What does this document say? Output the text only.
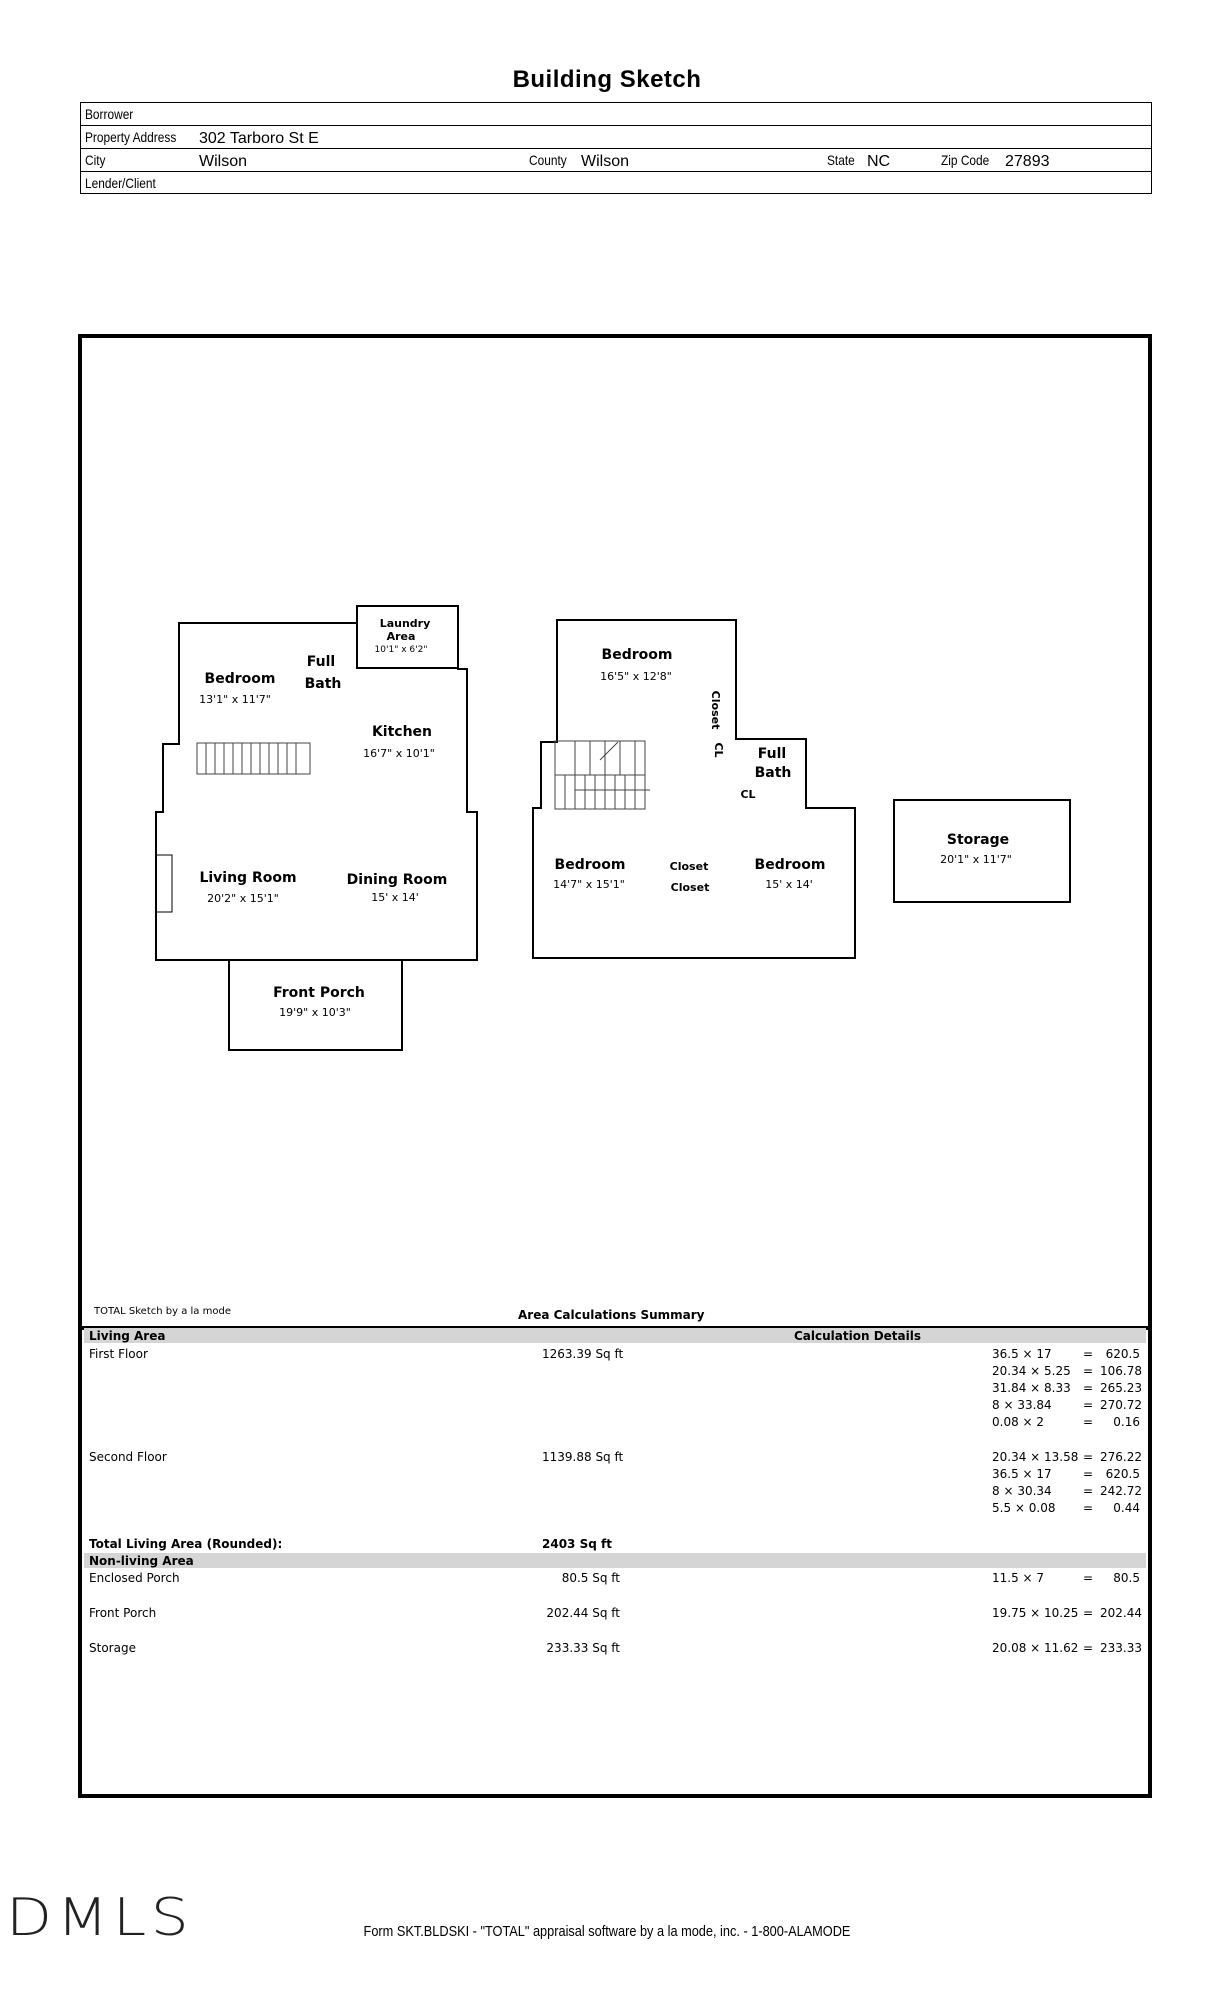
Building Sketch
Borrower
Property Address 302 Tarboro St E
City	Wilson	County Wilson	State NC	Zip Code 27893
Lender/Client
Laundry
Area
10'1" x 6'2"
Bedroom
Full
Bath
Kitchen
Living Room	Dining Room
Front Porch
Bedroom
Full
Bath
Bedroom	Bedroom
Storage
13'1" x 11'7"
16'7" x 10'1"
20'2" x 15'1"	15' x 14'
19'9" x 10'3"
16'5" x 12'8"
14'7" x 15'1"	15' x 14'
20'1" x 11'7"
CL
Closet
Closet
Closet
CL
TOTAL Sketch by a la mode	Area Calculations Summary
Living Area	Calculation Details
First Floor	1263.39 Sq ft	36.5 × 17	=	620.5
20.34 × 5.25 = 106.78
31.84 × 8.33 = 265.23
8 × 33.84	= 270.72
0.08 × 2	=	0.16
Second Floor	1139.88 Sq ft	20.34 × 13.58 = 276.22
36.5 × 17	=	620.5
8 × 30.34	= 242.72
5.5 × 0.08 =	0.44
Total Living Area (Rounded):	2403 Sq ft
Non-living Area
Enclosed Porch	80.5 Sq ft	11.5 × 7	=	80.5
Front Porch	202.44 Sq ft	19.75 × 10.25 = 202.44
Storage	233.33 Sq ft	20.08 × 11.62 = 233.33
DMLS	Form SKT.BLDSKI - "TOTAL" appraisal software by a la mode, inc. - 1-800-ALAMODE
